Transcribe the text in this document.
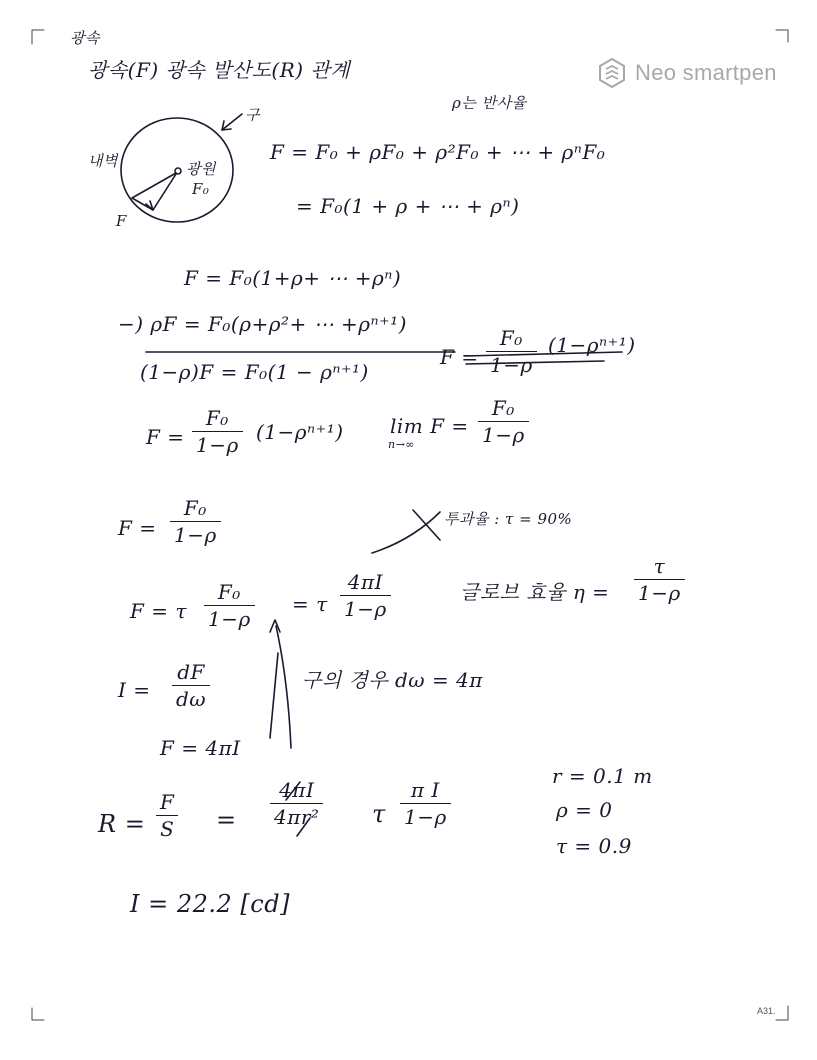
Neo smartpen
광속
광속(F) 광속 발산도(R) 관계
구
ρ는 반사율
내벽	광원
F₀
F
F = F₀ + ρF₀ + ρ²F₀ + ⋯ + ρⁿF₀
= F₀(1 + ρ + ⋯ + ρⁿ)
F = F₀(1+ρ+ ⋯ +ρⁿ)
−) ρF = F₀(ρ+ρ²+ ⋯ +ρⁿ⁺¹)
(1−ρ)F = F₀(1 − ρⁿ⁺¹)
F =
F₀
1−ρ
(1−ρⁿ⁺¹)
F =
F₀
1−ρ
(1−ρⁿ⁺¹) lim F =
n→∞
F₀
1−ρ
F =
F₀
1−ρ
투과율 : τ = 90%
F = τ
F₀
1−ρ
= τ
4πI
1−ρ
글로브 효율 η =
τ
1−ρ
I =
dF
dω
구의 경우 dω = 4π
F = 4πI
R =
F
S =
4πI
4πr² τ
π I
1−ρ
r = 0.1 m
ρ = 0
τ = 0.9
I = 22.2 [cd]
A31.
